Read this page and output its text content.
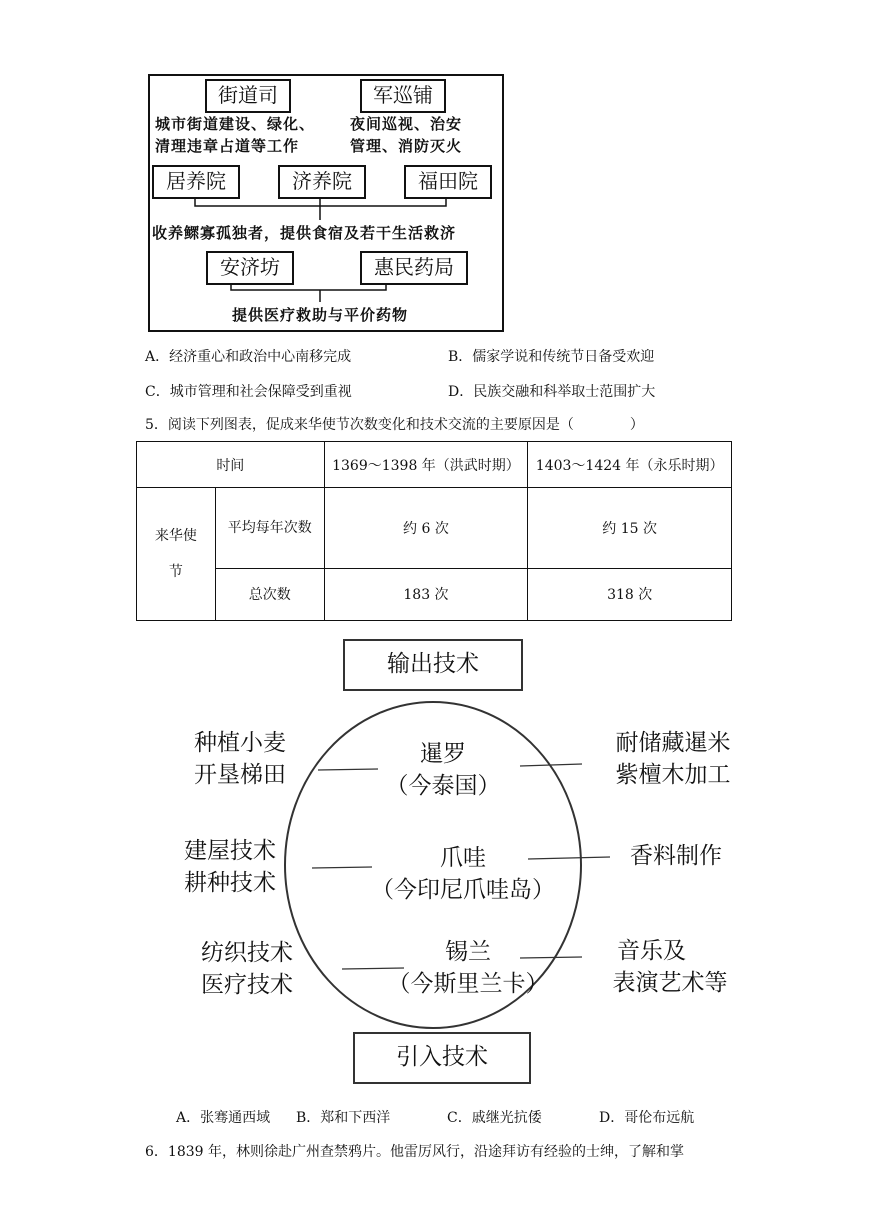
街道司	军巡铺
城市街道建设、绿化、
清理违章占道等工作
夜间巡视、治安
管理、消防灭火
居养院	济养院	福田院
收养鳏寡孤独者，提供食宿及若干生活救济
安济坊	惠民药局
提供医疗救助与平价药物
A．经济重心和政治中心南移完成	B．儒家学说和传统节日备受欢迎
C．城市管理和社会保障受到重视	D．民族交融和科举取士范围扩大
5．阅读下列图表，促成来华使节次数变化和技术交流的主要原因是（　　　　）
时间		1369～1398 年（洪武时期）	1403～1424 年（永乐时期）

来华使节	平均每年次数	约 6 次	约 15 次
	总次数	183 次	318 次
输出技术
暹罗
（今泰国）
种植小麦
开垦梯田
耐储藏暹米
紫檀木加工
爪哇
（今印尼爪哇岛）
建屋技术
耕种技术
香料制作
锡兰
（今斯里兰卡）
纺织技术
医疗技术
音乐及
表演艺术等
引入技术
A．张骞通西域 B．郑和下西洋	C．戚继光抗倭	D．哥伦布远航
6．1839 年，林则徐赴广州查禁鸦片。他雷厉风行，沿途拜访有经验的士绅，了解和掌
